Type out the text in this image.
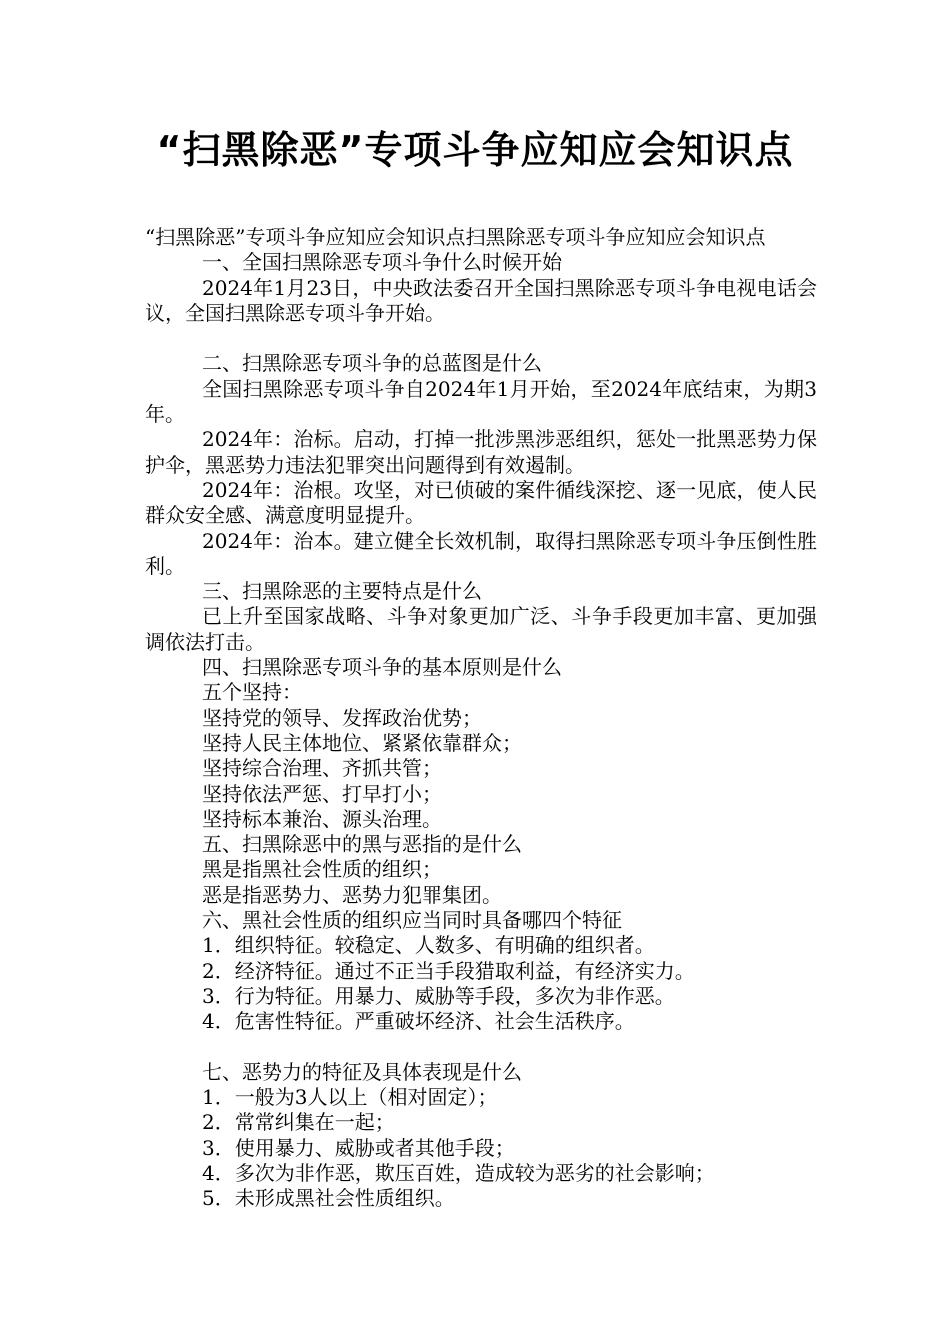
“扫黑除恶”专项斗争应知应会知识点

“扫黑除恶”专项斗争应知应会知识点扫黑除恶专项斗争应知应会知识点

一、全国扫黑除恶专项斗争什么时候开始

2024年1月23日，中央政法委召开全国扫黑除恶专项斗争电视电话会议，全国扫黑除恶专项斗争开始。

二、扫黑除恶专项斗争的总蓝图是什么

全国扫黑除恶专项斗争自2024年1月开始，至2024年底结束，为期3年。

2024年：治标。启动，打掉一批涉黑涉恶组织，惩处一批黑恶势力保护伞，黑恶势力违法犯罪突出问题得到有效遏制。

2024年：治根。攻坚，对已侦破的案件循线深挖、逐一见底，使人民群众安全感、满意度明显提升。

2024年：治本。建立健全长效机制，取得扫黑除恶专项斗争压倒性胜利。

三、扫黑除恶的主要特点是什么

已上升至国家战略、斗争对象更加广泛、斗争手段更加丰富、更加强调依法打击。

四、扫黑除恶专项斗争的基本原则是什么

五个坚持：

坚持党的领导、发挥政治优势；

坚持人民主体地位、紧紧依靠群众；

坚持综合治理、齐抓共管；

坚持依法严惩、打早打小；

坚持标本兼治、源头治理。

五、扫黑除恶中的黑与恶指的是什么

黑是指黑社会性质的组织；

恶是指恶势力、恶势力犯罪集团。

六、黑社会性质的组织应当同时具备哪四个特征

1．组织特征。较稳定、人数多、有明确的组织者。

2．经济特征。通过不正当手段猎取利益，有经济实力。

3．行为特征。用暴力、威胁等手段，多次为非作恶。

4．危害性特征。严重破坏经济、社会生活秩序。

七、恶势力的特征及具体表现是什么

1．一般为3人以上（相对固定）；

2．常常纠集在一起；

3．使用暴力、威胁或者其他手段；

4．多次为非作恶，欺压百姓，造成较为恶劣的社会影响；

5．未形成黑社会性质组织。
